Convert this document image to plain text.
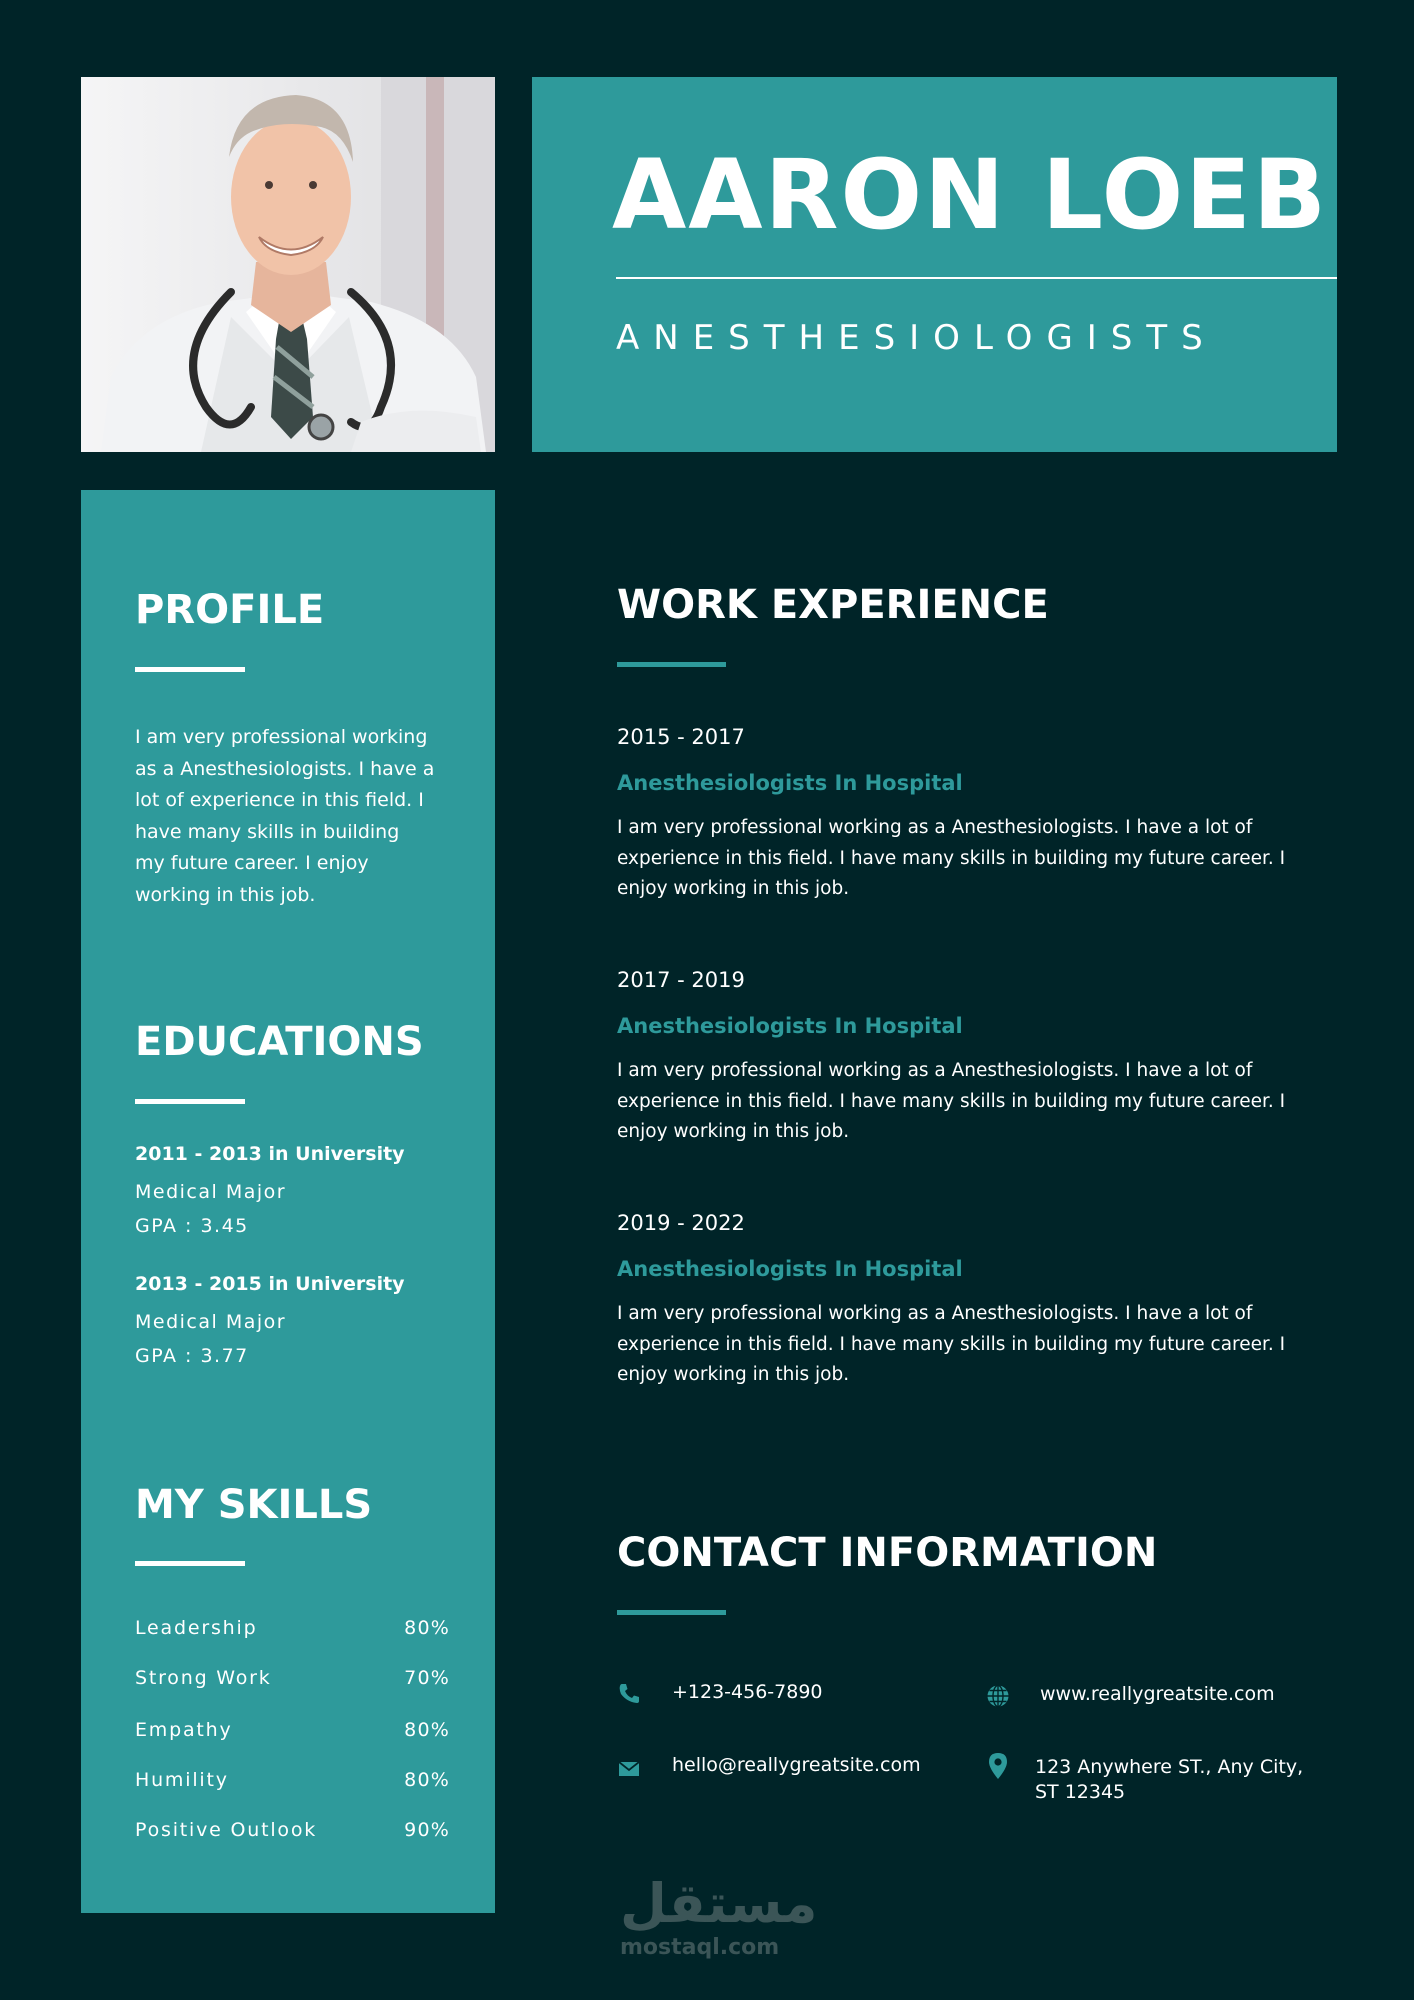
AARON LOEB
ANESTHESIOLOGISTS
PROFILE
I am very professional working as a Anesthesiologists. I have a lot of experience in this field. I have many skills in building my future career. I enjoy working in this job.
EDUCATIONS
2011 - 2013 in University
Medical Major
GPA : 3.45
2013 - 2015 in University
Medical Major
GPA : 3.77
MY SKILLS
Leadership	80%
Strong Work	70%
Empathy	80%
Humility	80%
Positive Outlook	90%
WORK EXPERIENCE
2015 - 2017
Anesthesiologists In Hospital
I am very professional working as a Anesthesiologists. I have a lot of experience in this field. I have many skills in building my future career. I enjoy working in this job.
2017 - 2019
Anesthesiologists In Hospital
I am very professional working as a Anesthesiologists. I have a lot of experience in this field. I have many skills in building my future career. I enjoy working in this job.
2019 - 2022
Anesthesiologists In Hospital
I am very professional working as a Anesthesiologists. I have a lot of experience in this field. I have many skills in building my future career. I enjoy working in this job.
CONTACT INFORMATION
+123-456-7890	www.reallygreatsite.com
hello@reallygreatsite.com	123 Anywhere ST., Any City,
ST 12345
مستقل
mostaql.com
